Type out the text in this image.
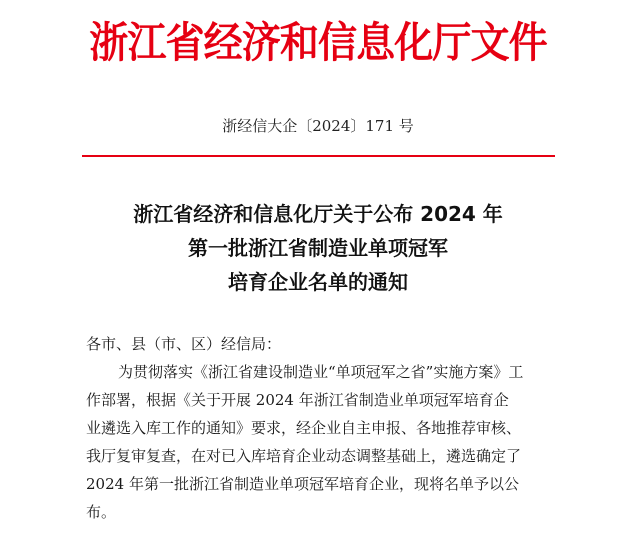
浙江省经济和信息化厅文件
浙经信大企〔2024〕171 号
浙江省经济和信息化厅关于公布 2024 年
第一批浙江省制造业单项冠军
培育企业名单的通知
各市、县（市、区）经信局：
为贯彻落实《浙江省建设制造业“单项冠军之省”实施方案》工
作部署，根据《关于开展 2024 年浙江省制造业单项冠军培育企
业遴选入库工作的通知》要求，经企业自主申报、各地推荐审核、
我厅复审复查，在对已入库培育企业动态调整基础上，遴选确定了
2024 年第一批浙江省制造业单项冠军培育企业，现将名单予以公
布。
